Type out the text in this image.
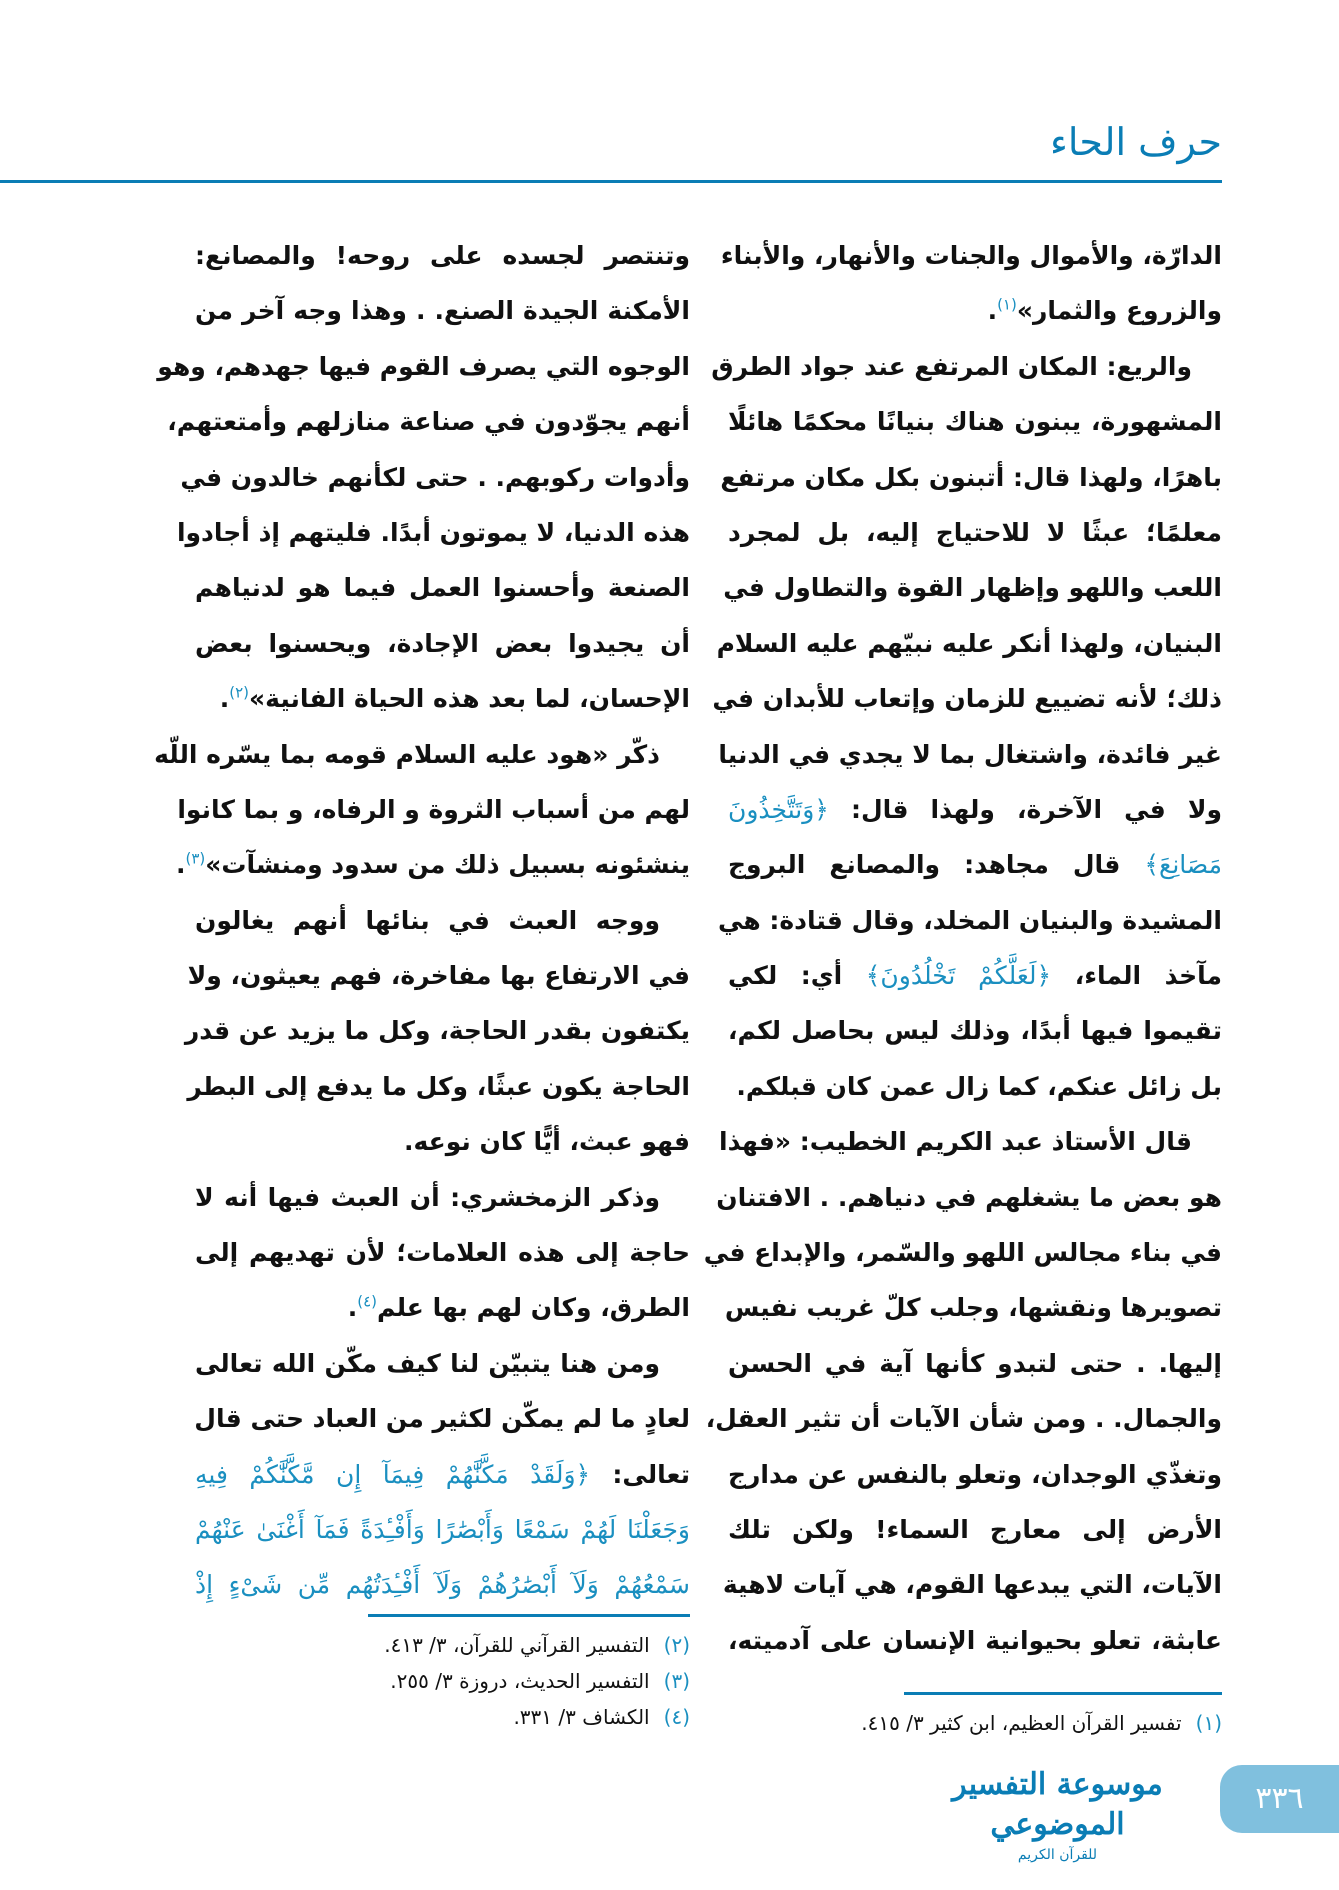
حرف الحاء
الدارّة، والأموال والجنات والأنهار، والأبناء
والزروع والثمار»$^{(١)}$.
والريع: المكان المرتفع عند جواد الطرق
المشهورة، يبنون هناك بنيانًا محكمًا هائلًا
باهرًا، ولهذا قال: أتبنون بكل مكان مرتفع
معلمًا؛ عبثًا لا للاحتياج إليه، بل لمجرد
اللعب واللهو وإظهار القوة والتطاول في
البنيان، ولهذا أنكر عليه نبيّهم عليه السلام
ذلك؛ لأنه تضييع للزمان وإتعاب للأبدان في
غير فائدة، واشتغال بما لا يجدي في الدنيا
ولا في الآخرة، ولهذا قال: ﴿وَتَتَّخِذُونَ
مَصَانِعَ﴾ قال مجاهد: والمصانع البروج
المشيدة والبنيان المخلد، وقال قتادة: هي
مآخذ الماء، ﴿لَعَلَّكُمْ تَخْلُدُونَ﴾ أي: لكي
تقيموا فيها أبدًا، وذلك ليس بحاصل لكم،
بل زائل عنكم، كما زال عمن كان قبلكم.
قال الأستاذ عبد الكريم الخطيب: «فهذا
هو بعض ما يشغلهم في دنياهم. . الافتنان
في بناء مجالس اللهو والسّمر، والإبداع في
تصويرها ونقشها، وجلب كلّ غريب نفيس
إليها. . حتى لتبدو كأنها آية في الحسن
والجمال. . ومن شأن الآيات أن تثير العقل،
وتغذّي الوجدان، وتعلو بالنفس عن مدارج
الأرض إلى معارج السماء! ولكن تلك
الآيات، التي يبدعها القوم، هي آيات لاهية
عابثة، تعلو بحيوانية الإنسان على آدميته،
وتنتصر لجسده على روحه! والمصانع:
الأمكنة الجيدة الصنع. . وهذا وجه آخر من
الوجوه التي يصرف القوم فيها جهدهم، وهو
أنهم يجوّدون في صناعة منازلهم وأمتعتهم،
وأدوات ركوبهم. . حتى لكأنهم خالدون في
هذه الدنيا، لا يموتون أبدًا. فليتهم إذ أجادوا
الصنعة وأحسنوا العمل فيما هو لدنياهم
أن يجيدوا بعض الإجادة، ويحسنوا بعض
الإحسان، لما بعد هذه الحياة الفانية»$^{(٢)}$.
ذكّر «هود عليه السلام قومه بما يسّره اللّه
لهم من أسباب الثروة و الرفاه، و بما كانوا
ينشئونه بسبيل ذلك من سدود ومنشآت»$^{(٣)}$.
ووجه العبث في بنائها أنهم يغالون
في الارتفاع بها مفاخرة، فهم يعيثون، ولا
يكتفون بقدر الحاجة، وكل ما يزيد عن قدر
الحاجة يكون عبثًا، وكل ما يدفع إلى البطر
فهو عبث، أيًّا كان نوعه.
وذكر الزمخشري: أن العبث فيها أنه لا
حاجة إلى هذه العلامات؛ لأن تهديهم إلى
الطرق، وكان لهم بها علم$^{(٤)}$.
ومن هنا يتبيّن لنا كيف مكّن الله تعالى
لعادٍ ما لم يمكّن لكثير من العباد حتى قال
تعالى: ﴿وَلَقَدْ مَكَّنَّٰهُمْ فِيمَآ إِن مَّكَّنَّٰكُمْ فِيهِ
وَجَعَلْنَا لَهُمْ سَمْعًا وَأَبْصَٰرًا وَأَفْـِٔدَةً فَمَآ أَغْنَىٰ عَنْهُمْ
سَمْعُهُمْ وَلَآ أَبْصَٰرُهُمْ وَلَآ أَفْـِٔدَتُهُم مِّن شَىْءٍ إِذْ
(١)تفسير القرآن العظيم، ابن كثير ٣/ ٤١٥.
(٢)التفسير القرآني للقرآن، ٣/ ٤١٣.
(٣)التفسير الحديث، دروزة ٣/ ٢٥٥.
(٤)الكشاف ٣/ ٣٣١.
موسوعة التفسير الموضوعي
للقرآن الكريم
٣٣٦
